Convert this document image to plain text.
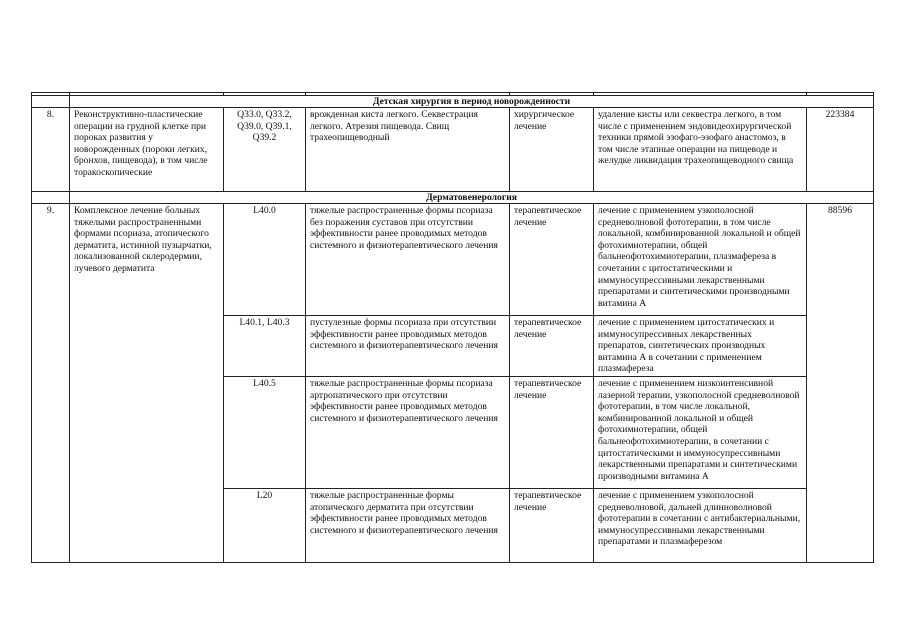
	Детская хирургия в период новорожденности					
8.	Реконструктивно-пластические операции на грудной клетке при пороках развития у новорожденных (пороки легких, бронхов, пищевода), в том числе торакоскопические	Q33.0, Q33.2, Q39.0, Q39.1, Q39.2	врожденная киста легкого. Секвестрация легкого. Атрезия пищевода. Свищ трахеопищеводный	хирургическое лечение	удаление кисты или секвестра легкого, в том числе с применением эндовидеохирургической техники прямой эзофаго-эзофаго анастомоз, в том числе этапные операции на пищеводе и желудке ликвидация трахеопищеводного свища	223384
	Дерматовенерология					
9.	Комплексное лечение больных тяжелыми распространенными формами псориаза, атопического дерматита, истинной пузырчатки, локализованной склеродермии, лучевого дерматита	L40.0	тяжелые распространенные формы псориаза без поражения суставов при отсутствии эффективности ранее проводимых методов системного и физиотерапевтического лечения	терапевтическое лечение	лечение с применением узкополосной средневолновой фототерапии, в том числе локальной, комбинированной локальной и общей фотохимиотерапии, общей бальнеофотохимиотерапии, плазмафереза в сочетании с цитостатическими и иммуносупрессивными лекарственными препаратами и синтетическими производными витамина А	88596
		L40.1, L40.3	пустулезные формы псориаза при отсутствии эффективности ранее проводимых методов системного и физиотерапевтического лечения	терапевтическое лечение	лечение с применением цитостатических и иммуносупрессивных лекарственных препаратов, синтетических производных витамина А в сочетании с применением плазмафереза	
		L40.5	тяжелые распространенные формы псориаза артропатического при отсутствии эффективности ранее проводимых методов системного и физиотерапевтического лечения	терапевтическое лечение	лечение с применением низкоинтенсивной лазерной терапии, узкополосной средневолновой фототерапии, в том числе локальной, комбинированной локальной и общей фотохимиотерапии, общей бальнеофотохимиотерапии, в сочетании с цитостатическими и иммуносупрессивными лекарственными препаратами и синтетическими производными витамина А	
		L20	тяжелые распространенные формы атопического дерматита при отсутствии эффективности ранее проводимых методов системного и физиотерапевтического лечения	терапевтическое лечение	лечение с применением узкополосной средневолновой, дальней длинноволновой фототерапии в сочетании с антибактериальными, иммуносупрессивными лекарственными препаратами и плазмаферезом	
